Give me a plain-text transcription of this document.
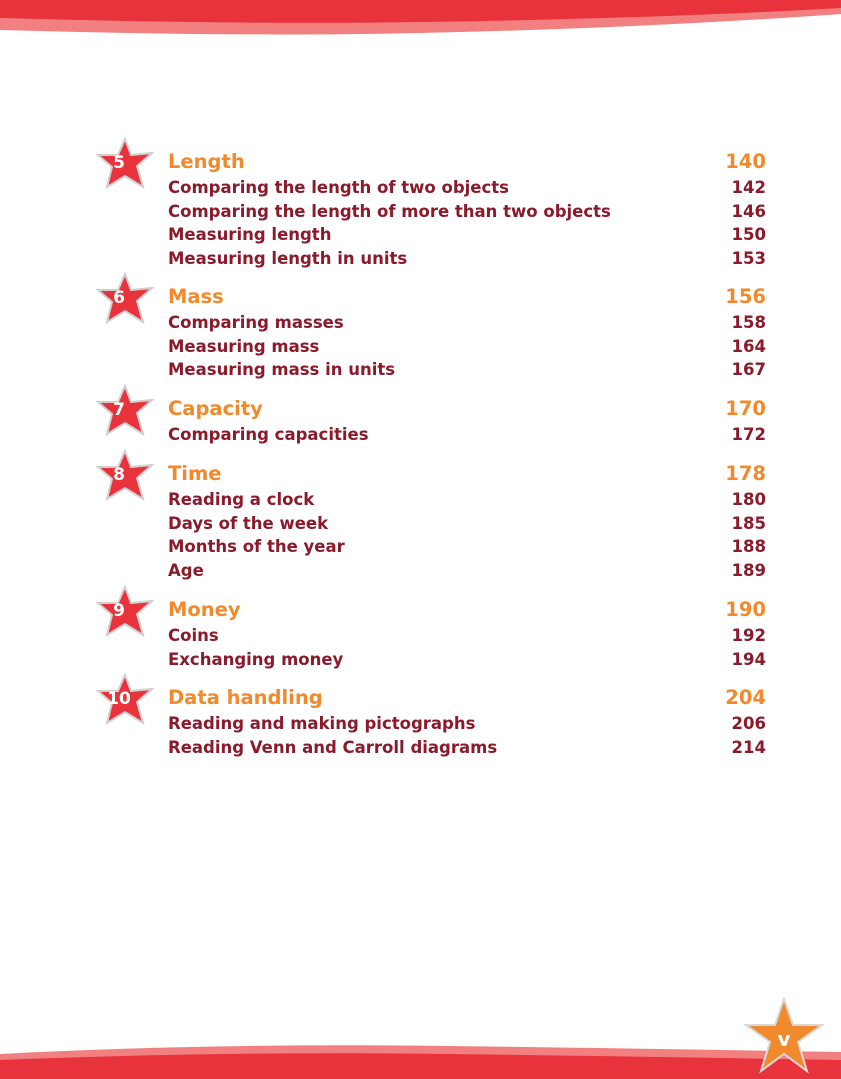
5	Length	140
Comparing the length of two objects	142
Comparing the length of more than two objects	146
Measuring length	150
Measuring length in units	153
6	Mass	156
Comparing masses	158
Measuring mass	164
Measuring mass in units	167
7	Capacity	170
Comparing capacities	172
8	Time	178
Reading a clock	180
Days of the week	185
Months of the year	188
Age	189
9	Money	190
Coins	192
Exchanging money	194
10	Data handling	204
Reading and making pictographs	206
Reading Venn and Carroll diagrams	214
v
